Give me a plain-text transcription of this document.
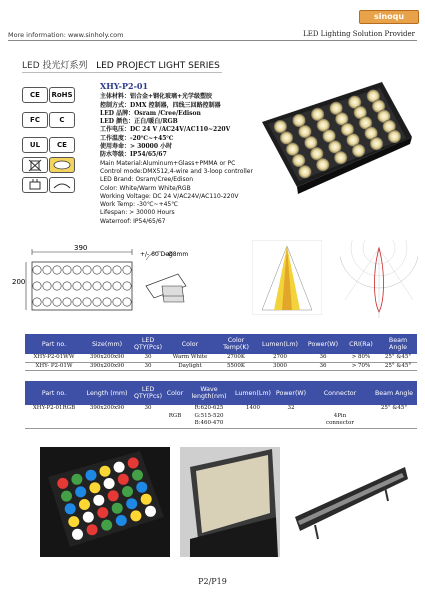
More information: www.sinholy.com
sinoqu
LED Lighting Solution Provider
LED 投光灯系列 LED PROJECT LIGHT SERIES
CE RoHS FC	C UL CE
XHY-P2-01
主体材料：铝合金+钢化玻璃+光学级塑胶
控制方式：DMX 控制器，四线三回路控制器
LED 品牌：Osram /Cree/Edison
LED 颜色：正白/暖白/RGB
工作电压：DC 24 V /AC24V/AC110~220V
工作温度：-20℃~+45℃
使用寿命：> 30000 小时
防水等级：IP54/65/67
Main Material:Aluminum+Glass+PMMA or PC
Control mode:DMX512,4-wire and 3-loop controller
LED Brand: Osram/Cree/Edison
Color: White/Warm White/RGB
Working Voltage: DC 24 V/AC24V/AC110-220V
Work Temp: -30℃~+45℃
Lifespan: > 30000 Hours
Waterroof: IP54/65/67
390
200
+/- 60 Deg
Ø8mm
Part no.	Size(mm)	LED QTY(Pcs)	Color	Color Temp(K)	Lumen(Lm)	Power(W)	CRI(Ra)	Beam Angle
XHY-P2-01WW	390x200x90	30	Warm White	2700K	2700	36	> 80%	25° &45°
XHY- P2-01W	390x200x90	30	Daylight	5500K	3000	36	> 70%	25° &45°
Part no.	Length (mm)	LED QTY(Pcs)	Color	Wave length(nm)	Lumen(Lm)	Power(W)	Connector	Beam Angle
XHY-P2-01RGB	390x200x90	30		R:620-625	1400	32		25° &45°
			RGB	G:515-520			4Pin	
				B:460-470			connector	
P2/P19
